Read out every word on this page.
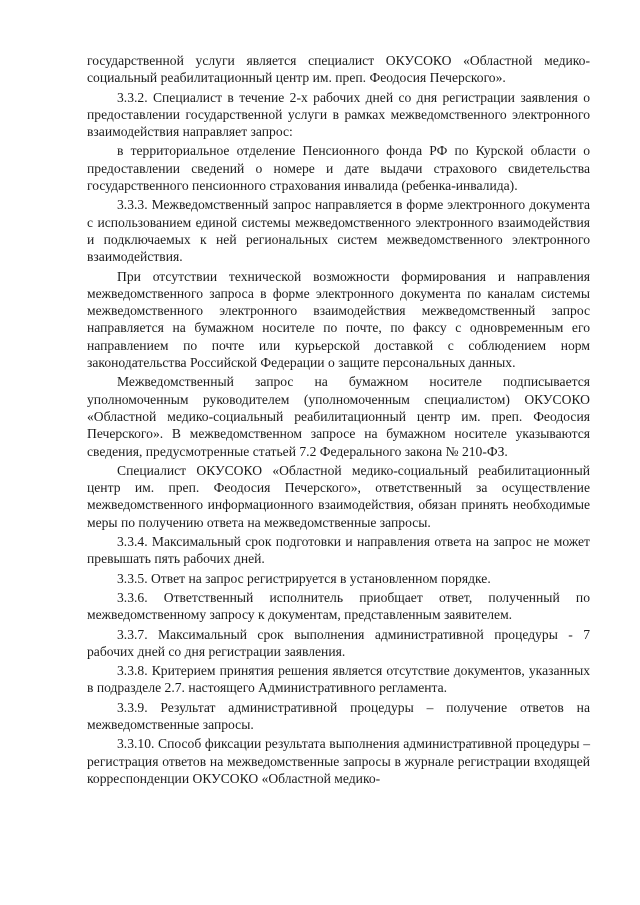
государственной услуги является специалист ОКУСОКО «Областной медико-социальный реабилитационный центр им. преп. Феодосия Печерского».

3.3.2. Специалист в течение 2-х рабочих дней со дня регистрации заявления о предоставлении государственной услуги в рамках межведомственного электронного взаимодействия направляет запрос:

в территориальное отделение Пенсионного фонда РФ по Курской области о предоставлении сведений о номере и дате выдачи страхового свидетельства государственного пенсионного страхования инвалида (ребенка-инвалида).

3.3.3. Межведомственный запрос направляется в форме электронного документа с использованием единой системы межведомственного электронного взаимодействия и подключаемых к ней региональных систем межведомственного электронного взаимодействия.

При отсутствии технической возможности формирования и направления межведомственного запроса в форме электронного документа по каналам системы межведомственного электронного взаимодействия межведомственный запрос направляется на бумажном носителе по почте, по факсу с одновременным его направлением по почте или курьерской доставкой с соблюдением норм законодательства Российской Федерации о защите персональных данных.

Межведомственный запрос на бумажном носителе подписывается уполномоченным руководителем (уполномоченным специалистом) ОКУСОКО «Областной медико-социальный реабилитационный центр им. преп. Феодосия Печерского». В межведомственном запросе на бумажном носителе указываются сведения, предусмотренные статьей 7.2 Федерального закона № 210-ФЗ.

Специалист ОКУСОКО «Областной медико-социальный реабилитационный центр им. преп. Феодосия Печерского», ответственный за осуществление межведомственного информационного взаимодействия, обязан принять необходимые меры по получению ответа на межведомственные запросы.

3.3.4. Максимальный срок подготовки и направления ответа на запрос не может превышать пять рабочих дней.

3.3.5. Ответ на запрос регистрируется в установленном порядке.

3.3.6. Ответственный исполнитель приобщает ответ, полученный по межведомственному запросу к документам, представленным заявителем.

3.3.7. Максимальный срок выполнения административной процедуры - 7 рабочих дней со дня регистрации заявления.

3.3.8. Критерием принятия решения является отсутствие документов, указанных в подразделе 2.7. настоящего Административного регламента.

3.3.9. Результат административной процедуры – получение ответов на межведомственные запросы.

3.3.10. Способ фиксации результата выполнения административной процедуры – регистрация ответов на межведомственные запросы в журнале регистрации входящей корреспонденции ОКУСОКО «Областной медико-
